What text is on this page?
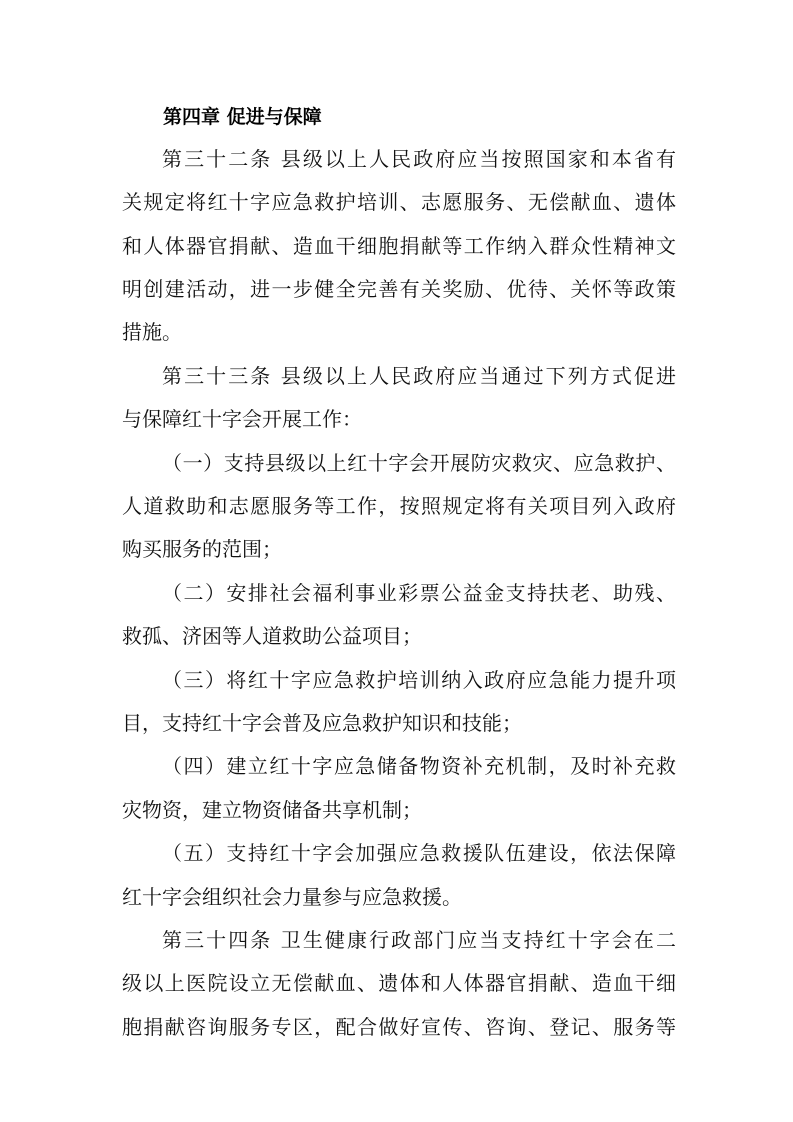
第四章 促进与保障

第三十二条 县级以上人民政府应当按照国家和本省有

关规定将红十字应急救护培训、志愿服务、无偿献血、遗体

和人体器官捐献、造血干细胞捐献等工作纳入群众性精神文

明创建活动，进一步健全完善有关奖励、优待、关怀等政策

措施。

第三十三条 县级以上人民政府应当通过下列方式促进

与保障红十字会开展工作：

（一）支持县级以上红十字会开展防灾救灾、应急救护、

人道救助和志愿服务等工作，按照规定将有关项目列入政府

购买服务的范围；

（二）安排社会福利事业彩票公益金支持扶老、助残、

救孤、济困等人道救助公益项目；

（三）将红十字应急救护培训纳入政府应急能力提升项

目，支持红十字会普及应急救护知识和技能；

（四）建立红十字应急储备物资补充机制，及时补充救

灾物资，建立物资储备共享机制；

（五）支持红十字会加强应急救援队伍建设，依法保障

红十字会组织社会力量参与应急救援。

第三十四条 卫生健康行政部门应当支持红十字会在二

级以上医院设立无偿献血、遗体和人体器官捐献、造血干细

胞捐献咨询服务专区，配合做好宣传、咨询、登记、服务等
